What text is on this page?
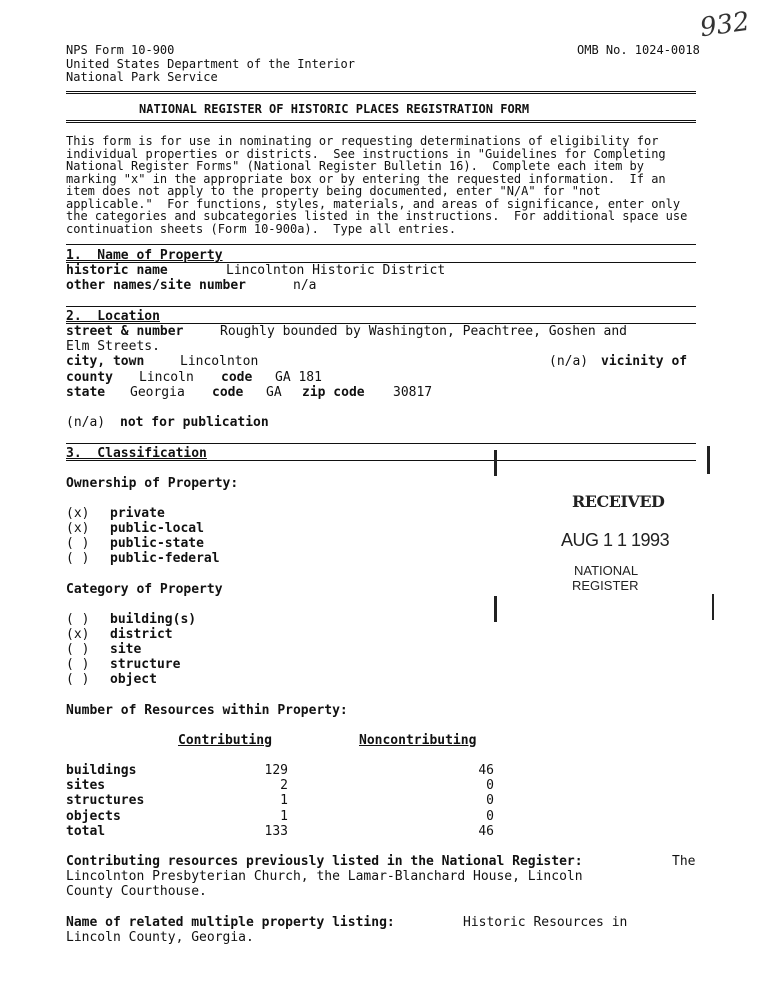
932
NPS Form 10-900	OMB No. 1024-0018
United States Department of the Interior
National Park Service
NATIONAL REGISTER OF HISTORIC PLACES REGISTRATION FORM
This form is for use in nominating or requesting determinations of eligibility for
individual properties or districts.  See instructions in "Guidelines for Completing
National Register Forms" (National Register Bulletin 16).  Complete each item by
marking "x" in the appropriate box or by entering the requested information.  If an
item does not apply to the property being documented, enter "N/A" for "not
applicable."  For functions, styles, materials, and areas of significance, enter only
the categories and subcategories listed in the instructions.  For additional space use
continuation sheets (Form 10-900a).  Type all entries.
1.  Name of Property
historic name	Lincolnton Historic District
other names/site number	n/a
2.  Location
street & number	Roughly bounded by Washington, Peachtree, Goshen and
Elm Streets.
city, town	Lincolnton	(n/a) vicinity of
county Lincoln code GA 181
state Georgia code GA zip code 30817
(n/a) not for publication
3.  Classification
Ownership of Property:
(x) private
(x) public-local
( ) public-state
( ) public-federal
Category of Property
( ) building(s)
(x) district
( ) site
( ) structure
( ) object
Number of Resources within Property:
Contributing	Noncontributing
buildings	129	46
sites	2	0
structures	1	0
objects	1	0
total	133	46
Contributing resources previously listed in the National Register:	The
Lincolnton Presbyterian Church, the Lamar-Blanchard House, Lincoln
County Courthouse.
Name of related multiple property listing:	Historic Resources in
Lincoln County, Georgia.
RECEIVED
AUG 1 1 1993
NATIONAL
REGISTER
